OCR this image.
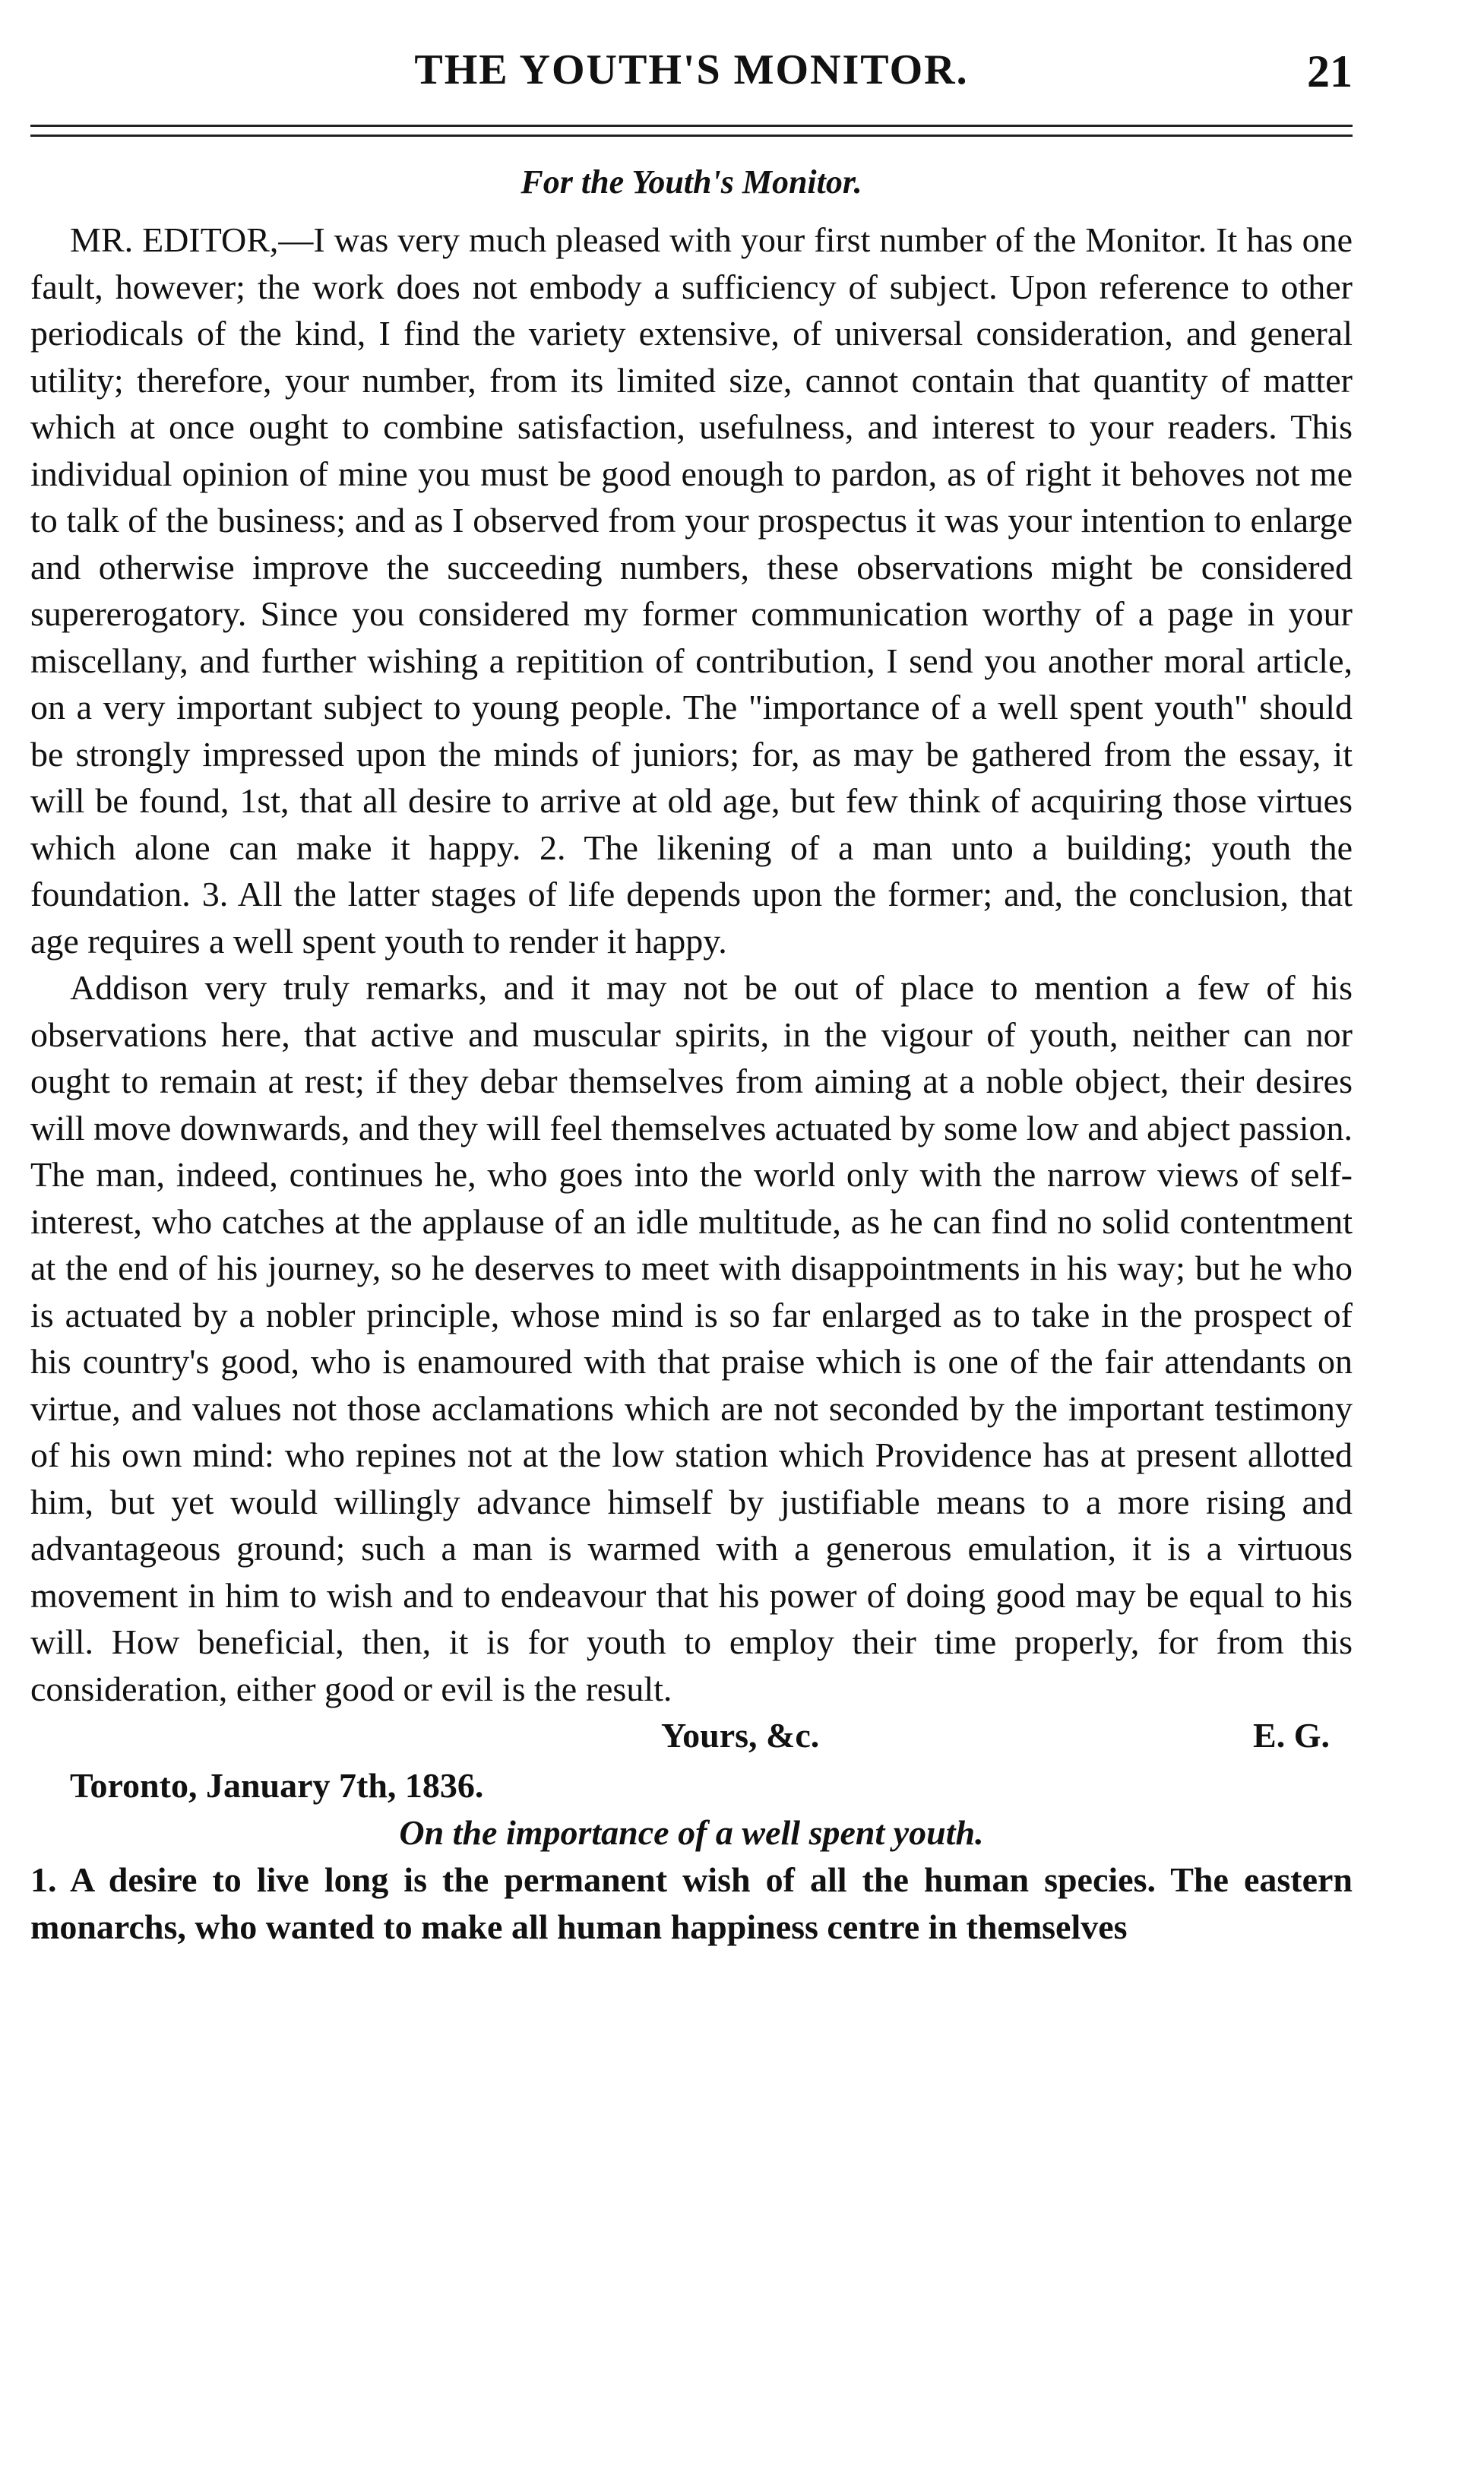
THE YOUTH'S MONITOR.	21
For the Youth's Monitor.

MR. EDITOR,—I was very much pleased with your first number of the Monitor. It has one fault, however; the work does not embody a sufficiency of subject. Upon reference to other periodicals of the kind, I find the variety extensive, of universal consideration, and general utility; therefore, your number, from its limited size, cannot contain that quantity of matter which at once ought to combine satisfaction, usefulness, and interest to your readers. This individual opinion of mine you must be good enough to pardon, as of right it behoves not me to talk of the business; and as I observed from your prospectus it was your intention to enlarge and otherwise improve the succeeding numbers, these observations might be considered supererogatory. Since you considered my former communication worthy of a page in your miscellany, and further wishing a repitition of contribution, I send you another moral article, on a very important subject to young people. The "importance of a well spent youth" should be strongly impressed upon the minds of juniors; for, as may be gathered from the essay, it will be found, 1st, that all desire to arrive at old age, but few think of acquiring those virtues which alone can make it happy. 2. The likening of a man unto a building; youth the foundation. 3. All the latter stages of life depends upon the former; and, the conclusion, that age requires a well spent youth to render it happy.

Addison very truly remarks, and it may not be out of place to mention a few of his observations here, that active and muscular spirits, in the vigour of youth, neither can nor ought to remain at rest; if they debar themselves from aiming at a noble object, their desires will move downwards, and they will feel themselves actuated by some low and abject passion. The man, indeed, continues he, who goes into the world only with the narrow views of self-interest, who catches at the applause of an idle multitude, as he can find no solid contentment at the end of his journey, so he deserves to meet with disappointments in his way; but he who is actuated by a nobler principle, whose mind is so far enlarged as to take in the prospect of his country's good, who is enamoured with that praise which is one of the fair attendants on virtue, and values not those acclamations which are not seconded by the important testimony of his own mind: who repines not at the low station which Providence has at present allotted him, but yet would willingly advance himself by justifiable means to a more rising and advantageous ground; such a man is warmed with a generous emulation, it is a virtuous movement in him to wish and to endeavour that his power of doing good may be equal to his will. How beneficial, then, it is for youth to employ their time properly, for from this consideration, either good or evil is the result.

Yours, &c.	E. G.
Toronto, January 7th, 1836.
On the importance of a well spent youth.

1. A desire to live long is the permanent wish of all the human species. The eastern monarchs, who wanted to make all human happiness centre in themselves
